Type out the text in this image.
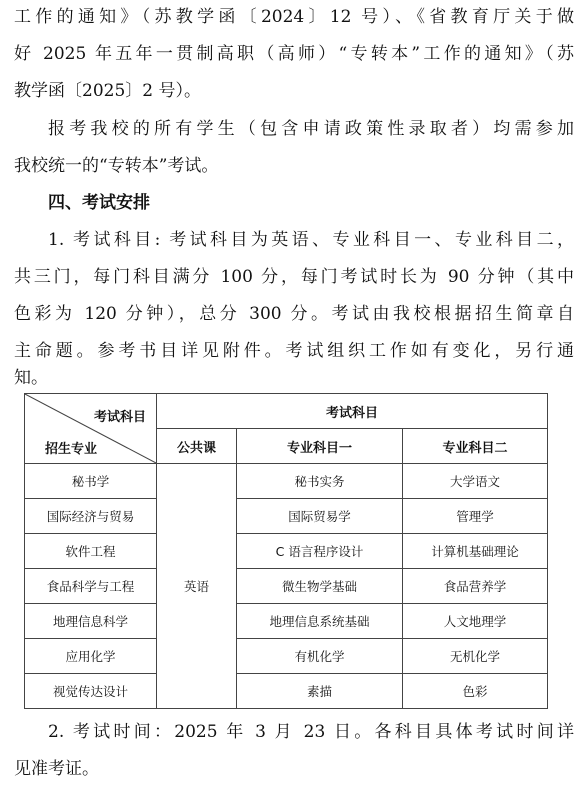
工作的通知》（苏教学函〔2024〕12 号）、《省教育厅关于做
好 2025 年五年一贯制高职（高师）“专转本”工作的通知》（苏
教学函〔2025〕2 号）。
报考我校的所有学生（包含申请政策性录取者）均需参加
我校统一的“专转本”考试。
四、考试安排
1. 考试科目: 考试科目为英语、专业科目一、专业科目二，
共三门，每门科目满分 100 分，每门考试时长为 90 分钟（其中
色彩为 120 分钟），总分 300 分。考试由我校根据招生简章自
主命题。参考书目详见附件。考试组织工作如有变化，另行通
知。
考试科目
招生专业	考试科目		
	公共课	专业科目一	专业科目二
秘书学	英语	秘书实务	大学语文
国际经济与贸易		国际贸易学	管理学
软件工程		C 语言程序设计	计算机基础理论
食品科学与工程		微生物学基础	食品营养学
地理信息科学		地理信息系统基础	人文地理学
应用化学		有机化学	无机化学
视觉传达设计		素描	色彩
2. 考试时间：2025 年 3 月 23 日。各科目具体考试时间详
见准考证。
